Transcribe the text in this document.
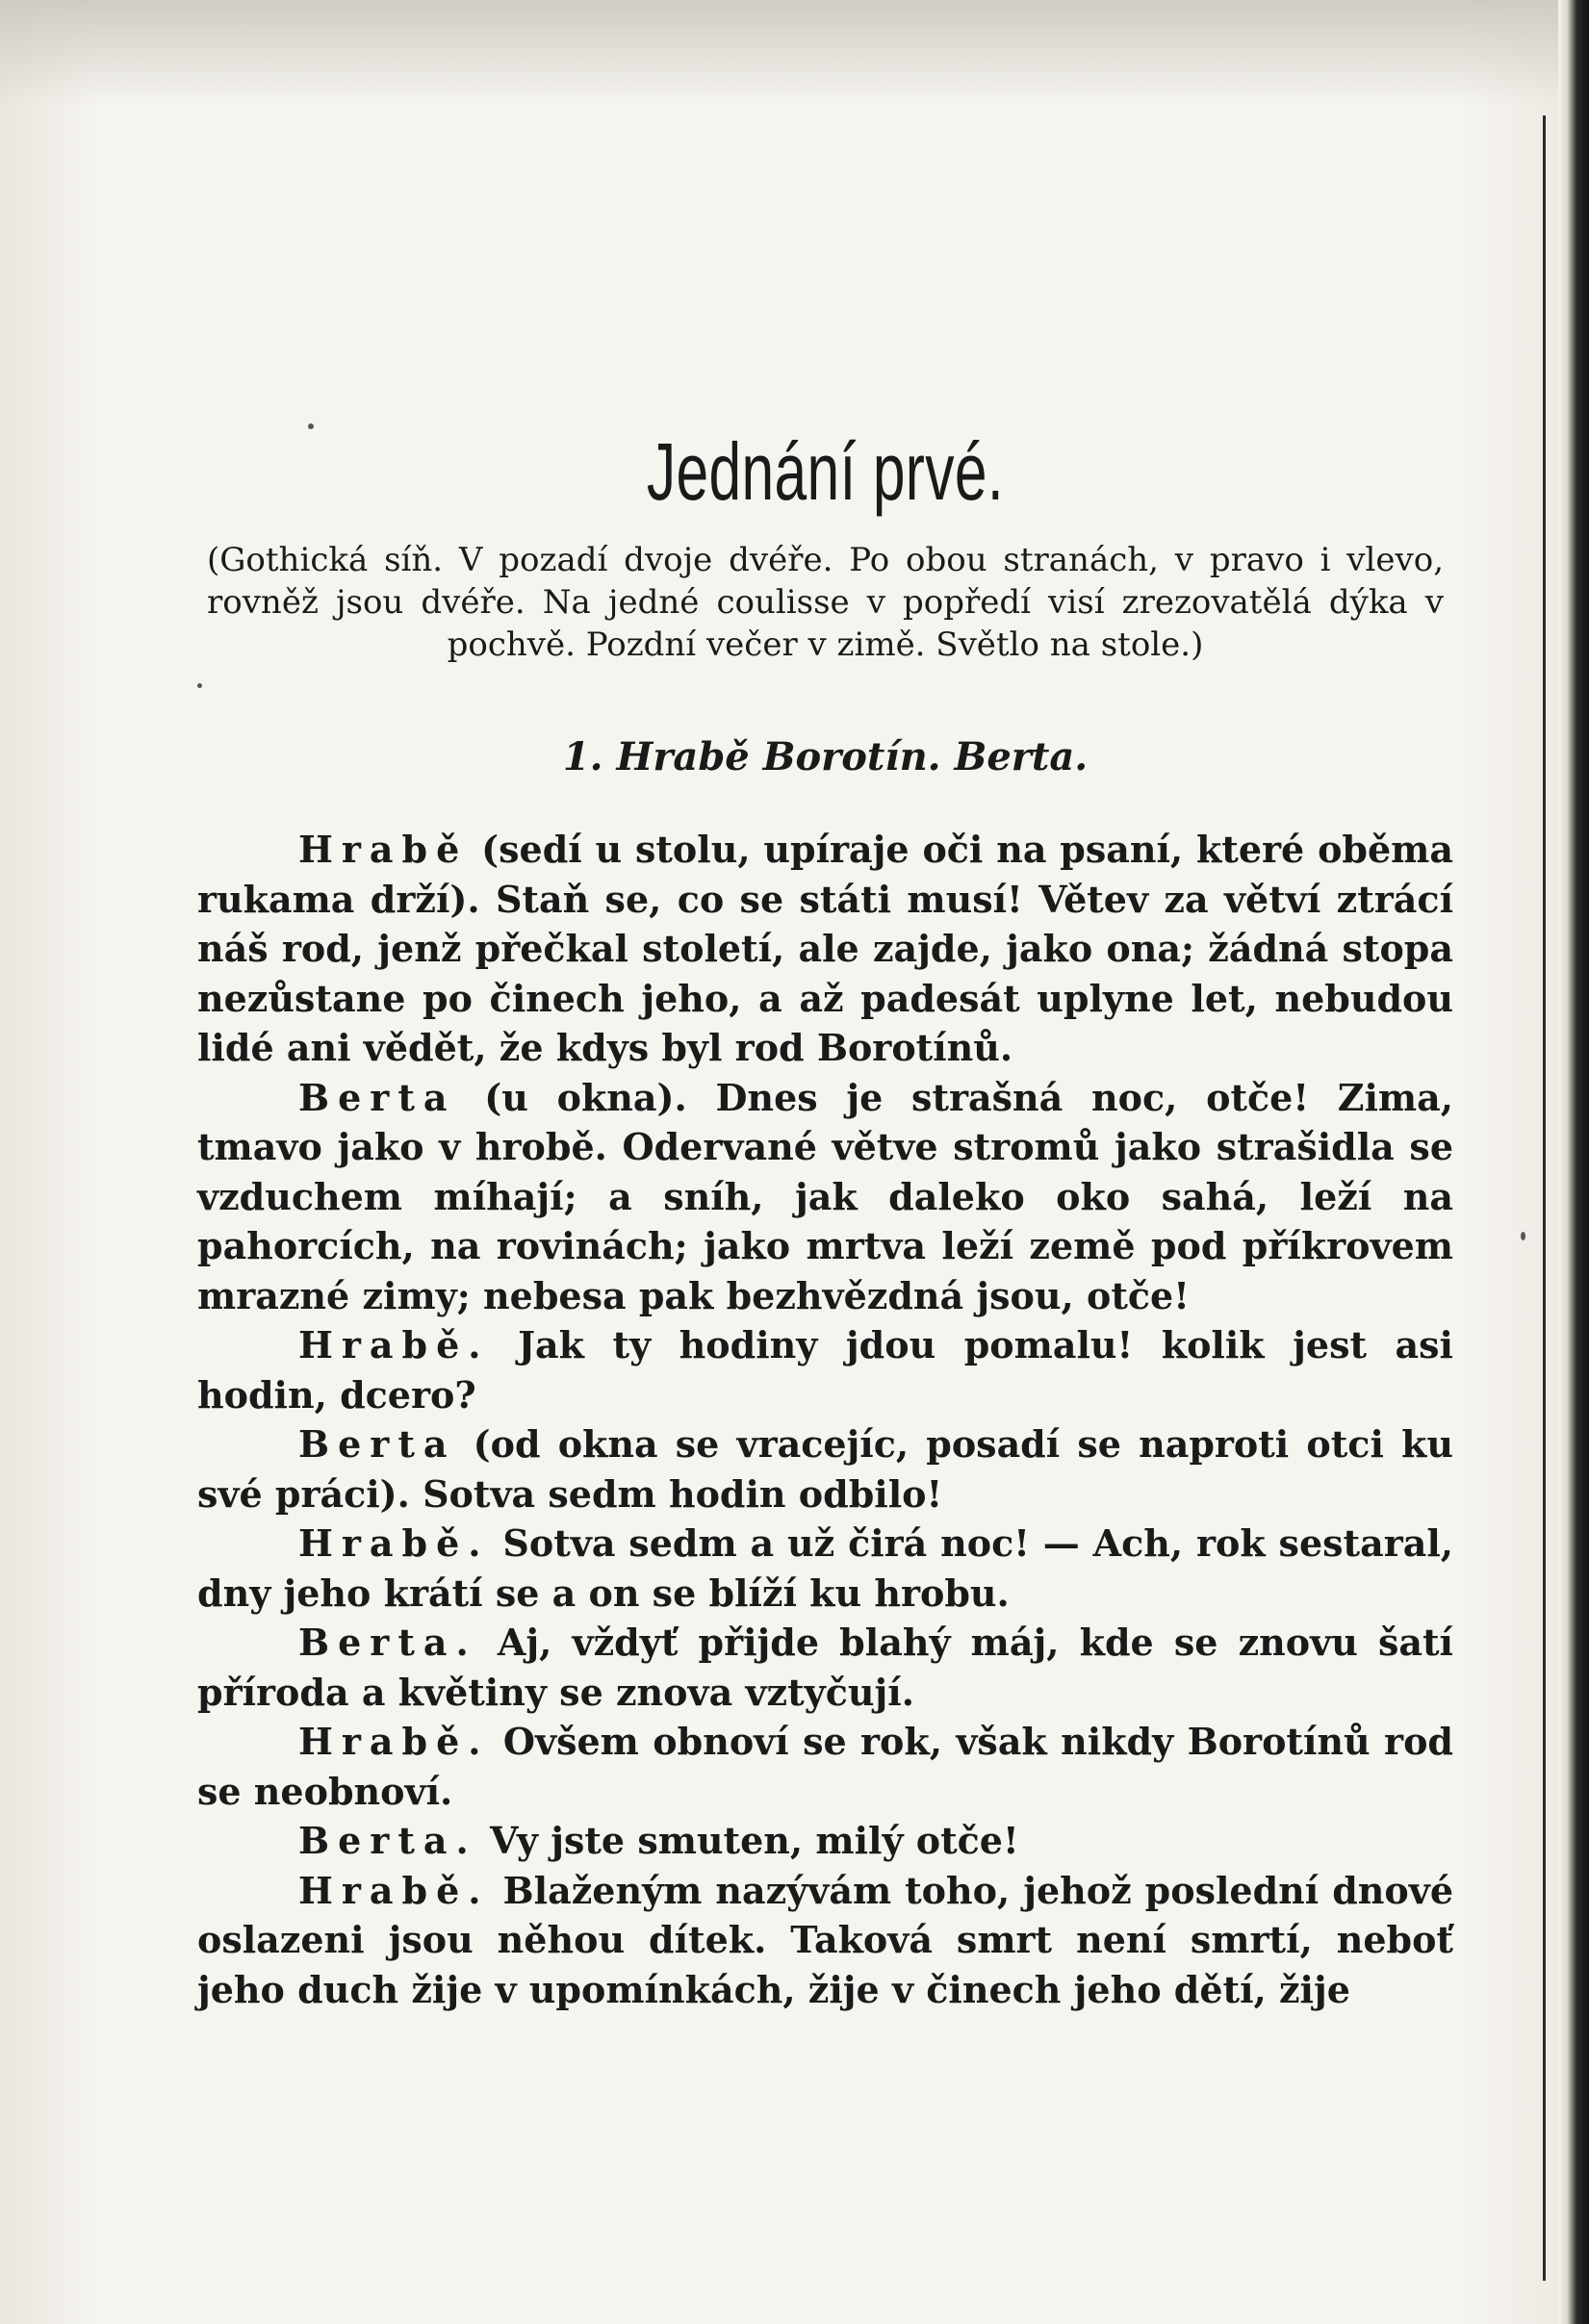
Jednání prvé.

(Gothická síň. V pozadí dvoje dvéře. Po obou stranách, v pravo i vlevo, rovněž jsou dvéře. Na jedné coulisse v popředí visí zrezovatělá dýka v pochvě. Pozdní večer v zimě. Světlo na stole.)

1. Hrabě Borotín. Berta.

Hrabě (sedí u stolu, upíraje oči na psaní, které oběma rukama drží). Staň se, co se státi musí! Větev za větví ztrácí náš rod, jenž přečkal století, ale zajde, jako ona; žádná stopa nezůstane po činech jeho, a až padesát uplyne let, nebudou lidé ani vědět, že kdys byl rod Borotínů.

Berta (u okna). Dnes je strašná noc, otče! Zima, tmavo jako v hrobě. Odervané větve stromů jako strašidla se vzduchem míhají; a sníh, jak daleko oko sahá, leží na pahorcích, na rovinách; jako mrtva leží země pod příkrovem mrazné zimy; nebesa pak bezhvězdná jsou, otče!

Hrabě. Jak ty hodiny jdou pomalu! kolik jest asi hodin, dcero?

Berta (od okna se vracejíc, posadí se naproti otci ku své práci). Sotva sedm hodin odbilo!

Hrabě. Sotva sedm a už čirá noc! — Ach, rok sestaral, dny jeho krátí se a on se blíží ku hrobu.

Berta. Aj, vždyť přijde blahý máj, kde se znovu šatí příroda a květiny se znova vztyčují.

Hrabě. Ovšem obnoví se rok, však nikdy Borotínů rod se neobnoví.

Berta. Vy jste smuten, milý otče!

Hrabě. Blaženým nazývám toho, jehož poslední dnové oslazeni jsou něhou dítek. Taková smrt není smrtí, neboť jeho duch žije v upomínkách, žije v činech jeho dětí, žije
